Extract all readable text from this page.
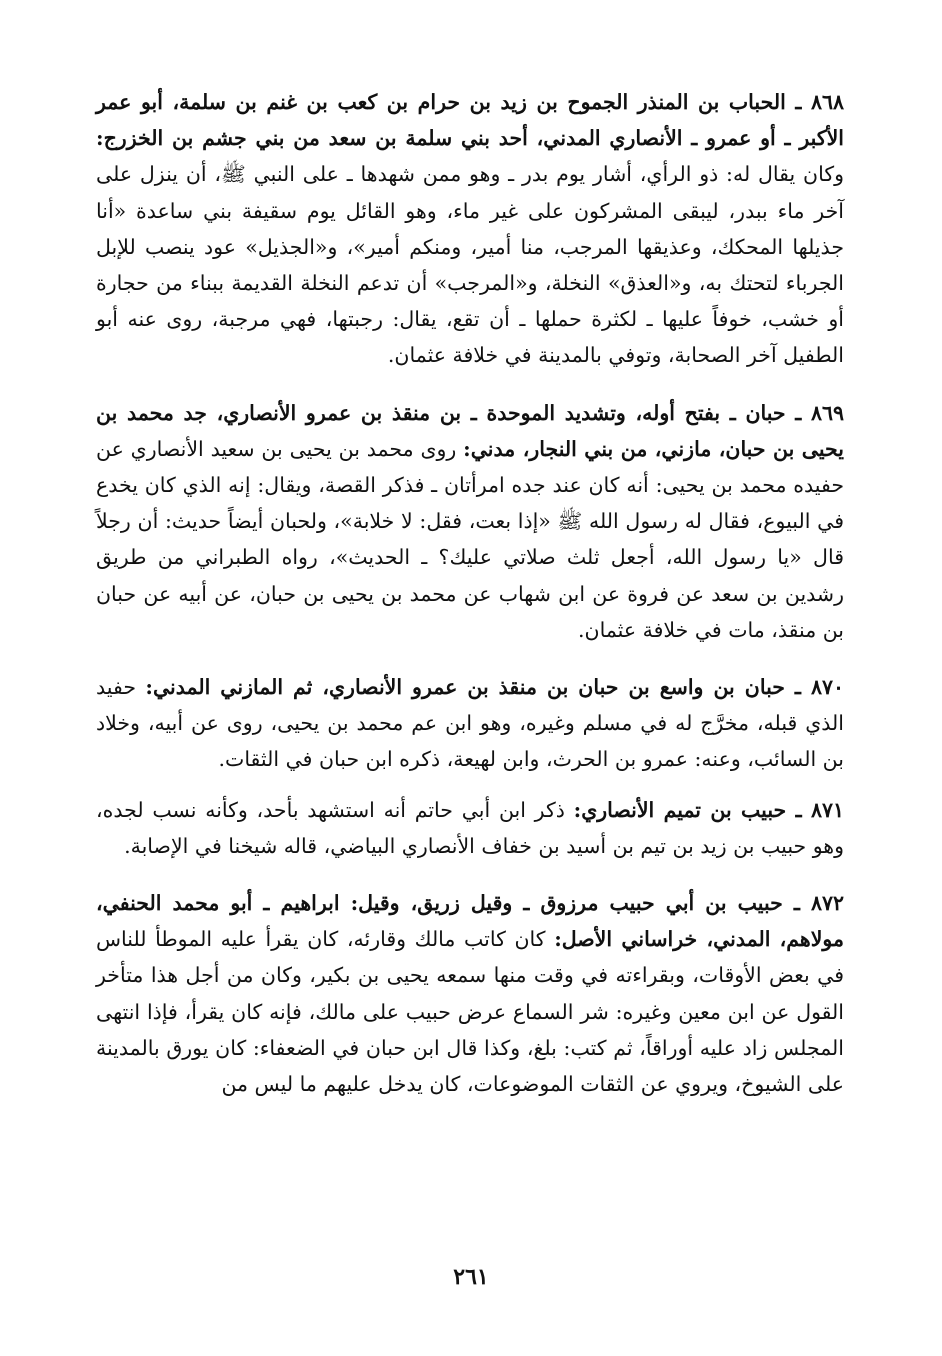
٨٦٨ ـ الحباب بن المنذر الجموح بن زيد بن حرام بن كعب بن غنم بن سلمة، أبو عمر الأكبر ـ أو عمرو ـ الأنصاري المدني، أحد بني سلمة بن سعد من بني جشم بن الخزرج: وكان يقال له: ذو الرأي، أشار يوم بدر ـ وهو ممن شهدها ـ على النبي ﷺ، أن ينزل على آخر ماء ببدر، ليبقى المشركون على غير ماء، وهو القائل يوم سقيفة بني ساعدة «أنا جذيلها المحكك، وعذيقها المرجب، منا أمير، ومنكم أمير»، و«الجذيل» عود ينصب للإبل الجرباء لتحتك به، و«العذق» النخلة، و«المرجب» أن تدعم النخلة القديمة ببناء من حجارة أو خشب، خوفاً عليها ـ لكثرة حملها ـ أن تقع، يقال: رجبتها، فهي مرجبة، روى عنه أبو الطفيل آخر الصحابة، وتوفي بالمدينة في خلافة عثمان.

٨٦٩ ـ حبان ـ بفتح أوله، وتشديد الموحدة ـ بن منقذ بن عمرو الأنصاري، جد محمد بن يحيى بن حبان، مازني، من بني النجار، مدني: روى محمد بن يحيى بن سعيد الأنصاري عن حفيده محمد بن يحيى: أنه كان عند جده امرأتان ـ فذكر القصة، ويقال: إنه الذي كان يخدع في البيوع، فقال له رسول الله ﷺ «إذا بعت، فقل: لا خلابة»، ولحبان أيضاً حديث: أن رجلاً قال «يا رسول الله، أجعل ثلث صلاتي عليك؟ ـ الحديث»، رواه الطبراني من طريق رشدين بن سعد عن فروة عن ابن شهاب عن محمد بن يحيى بن حبان، عن أبيه عن حبان بن منقذ، مات في خلافة عثمان.

٨٧٠ ـ حبان بن واسع بن حبان بن منقذ بن عمرو الأنصاري، ثم المازني المدني: حفيد الذي قبله، مخرَّج له في مسلم وغيره، وهو ابن عم محمد بن يحيى، روى عن أبيه، وخلاد بن السائب، وعنه: عمرو بن الحرث، وابن لهيعة، ذكره ابن حبان في الثقات.

٨٧١ ـ حبيب بن تميم الأنصاري: ذكر ابن أبي حاتم أنه استشهد بأحد، وكأنه نسب لجده، وهو حبيب بن زيد بن تيم بن أسيد بن خفاف الأنصاري البياضي، قاله شيخنا في الإصابة.

٨٧٢ ـ حبيب بن أبي حبيب مرزوق ـ وقيل زريق، وقيل: ابراهيم ـ أبو محمد الحنفي، مولاهم، المدني، خراساني الأصل: كان كاتب مالك وقارئه، كان يقرأ عليه الموطأ للناس في بعض الأوقات، وبقراءته في وقت منها سمعه يحيى بن بكير، وكان من أجل هذا متأخر القول عن ابن معين وغيره: شر السماع عرض حبيب على مالك، فإنه كان يقرأ، فإذا انتهى المجلس زاد عليه أوراقاً، ثم كتب: بلغ، وكذا قال ابن حبان في الضعفاء: كان يورق بالمدينة على الشيوخ، ويروي عن الثقات الموضوعات، كان يدخل عليهم ما ليس من

٢٦١
